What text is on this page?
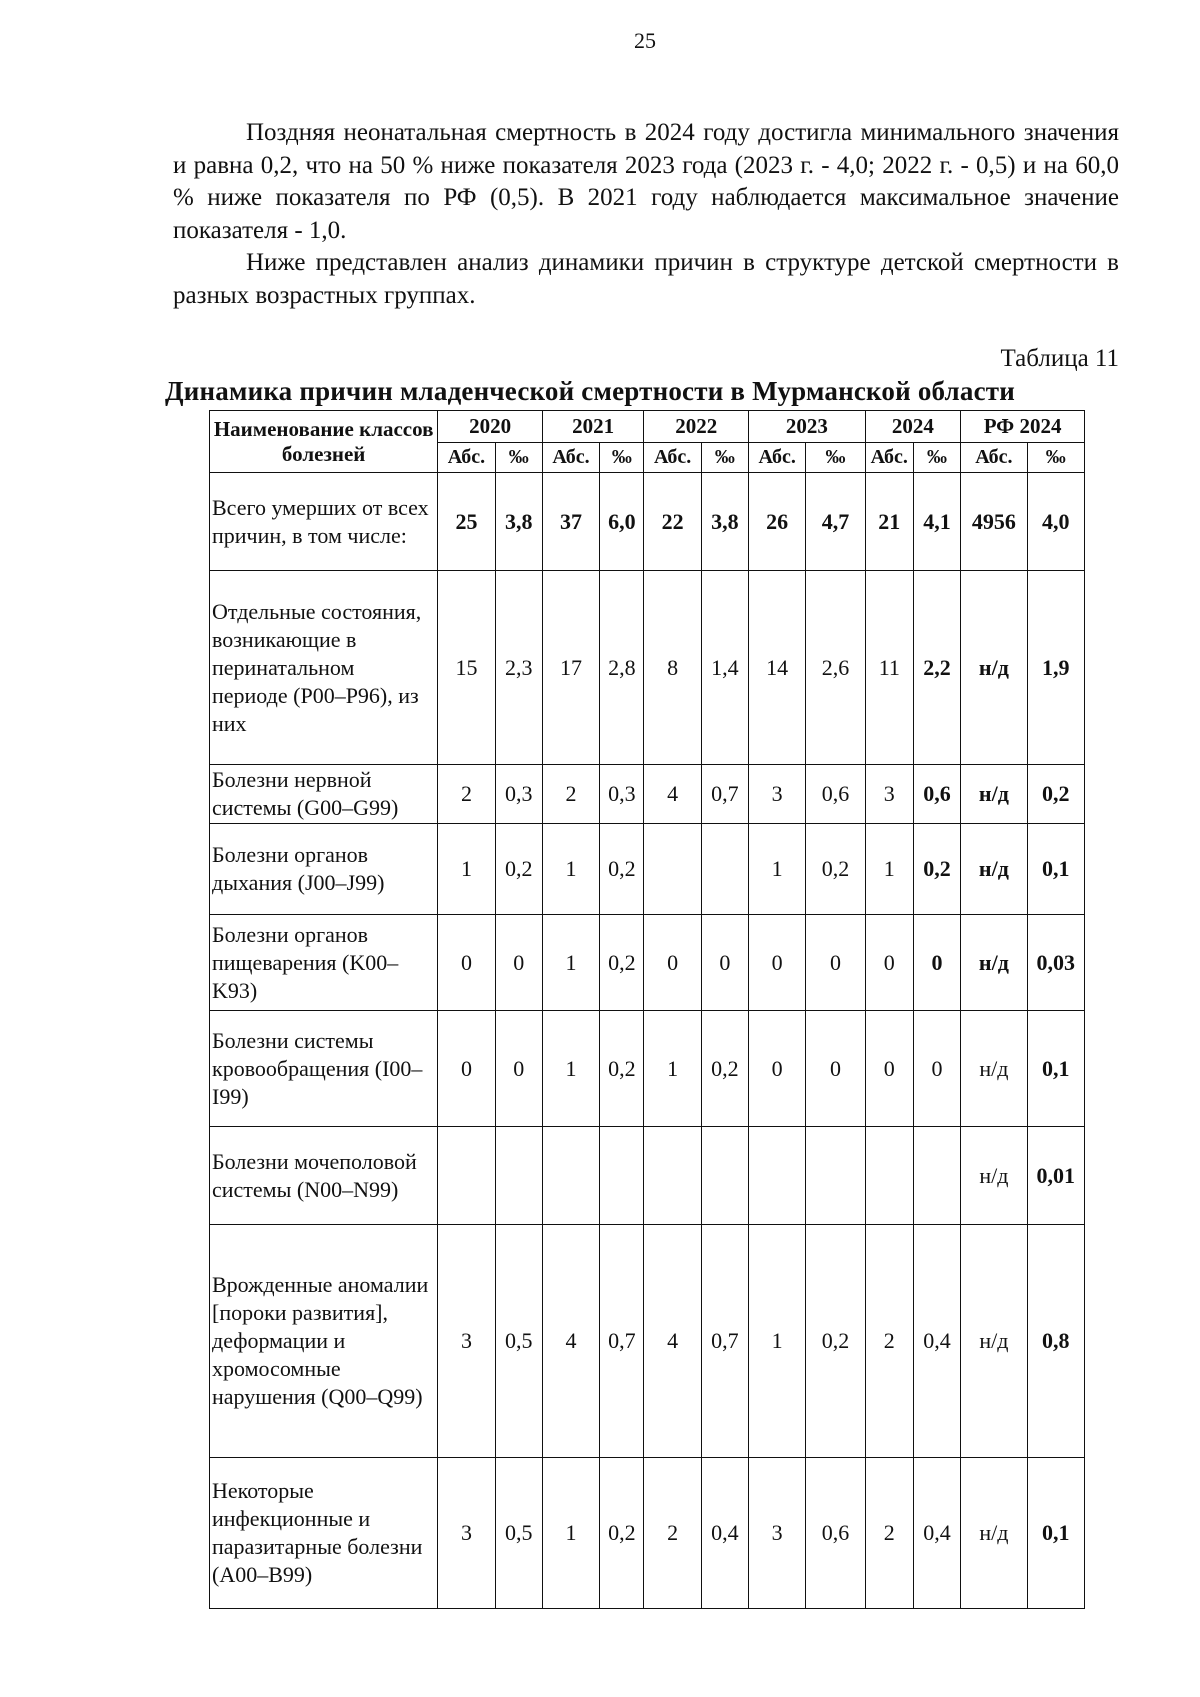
25

Поздняя неонатальная смертность в 2024 году достигла минимального значения и равна 0,2, что на 50 % ниже показателя 2023 года (2023 г. - 4,0; 2022 г. - 0,5) и на 60,0 % ниже показателя по РФ (0,5). В 2021 году наблюдается максимальное значение показателя - 1,0.

Ниже представлен анализ динамики причин в структуре детской смертности в разных возрастных группах.

Таблица 11
Динамика причин младенческой смертности в Мурманской области
Наименование классов болезней	2020		2021		2022		2023		2024		РФ 2024	
	Абс.	‰	Абс.	‰	Абс.	‰	Абс.	‰	Абс.	‰	Абс.	‰
Всего умерших от всех причин, в том числе:	25	3,8	37	6,0	22	3,8	26	4,7	21	4,1	4956	4,0
Отдельные состояния, возникающие в перинатальном периоде (P00–P96), из них	15	2,3	17	2,8	8	1,4	14	2,6	11	2,2	н/д	1,9
Болезни нервной системы (G00–G99)	2	0,3	2	0,3	4	0,7	3	0,6	3	0,6	н/д	0,2
Болезни органов дыхания (J00–J99)	1	0,2	1	0,2			1	0,2	1	0,2	н/д	0,1
Болезни органов пищеварения (K00–K93)	0	0	1	0,2	0	0	0	0	0	0	н/д	0,03
Болезни системы кровообращения (I00–I99)	0	0	1	0,2	1	0,2	0	0	0	0	н/д	0,1
Болезни мочеполовой системы (N00–N99)											н/д	0,01
Врожденные аномалии [пороки развития], деформации и хромосомные нарушения (Q00–Q99)	3	0,5	4	0,7	4	0,7	1	0,2	2	0,4	н/д	0,8
Некоторые инфекционные и паразитарные болезни (A00–B99)	3	0,5	1	0,2	2	0,4	3	0,6	2	0,4	н/д	0,1
